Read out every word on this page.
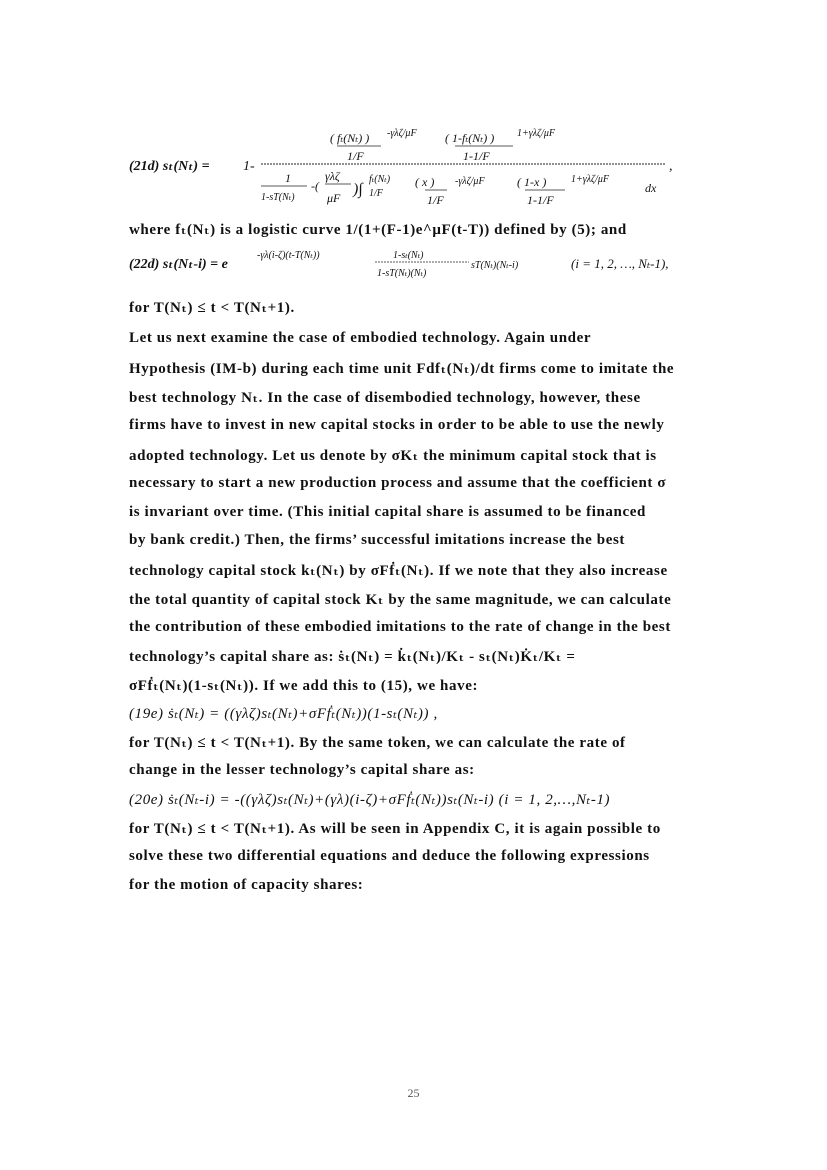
(21d) sₜ(Nₜ) = 1-
( fₜ(Nₜ) )
1/F
-γλζ/μF ( 1-fₜ(Nₜ) )
1-1/F
1+γλζ/μF
1
1-sT(Nₜ)
-(
γλζ
μF )∫
fₜ(Nₜ)
1/F
( x )
1/F
-γλζ/μF	( 1-x )
1-1/F
1+γλζ/μF
dx
,
where fₜ(Nₜ) is a logistic curve 1/(1+(F-1)e^μF(t-T)) defined by (5); and
(22d) sₜ(Nₜ-i) = e
-γλ(i-ζ)(t-T(Nₜ))	1-sₜ(Nₜ)
1-sT(Nₜ)(Nₜ)
sT(Nₜ)(Nₜ-i)	(i = 1, 2, …, Nₜ-1),
for T(Nₜ) ≤ t < T(Nₜ+1).
Let us next examine the case of embodied technology. Again under
Hypothesis (IM-b) during each time unit Fdfₜ(Nₜ)/dt firms come to imitate the
best technology Nₜ. In the case of disembodied technology, however, these
firms have to invest in new capital stocks in order to be able to use the newly
adopted technology. Let us denote by σKₜ the minimum capital stock that is
necessary to start a new production process and assume that the coefficient σ
is invariant over time. (This initial capital share is assumed to be financed
by bank credit.) Then, the firms’ successful imitations increase the best
technology capital stock kₜ(Nₜ) by σFḟₜ(Nₜ). If we note that they also increase
the total quantity of capital stock Kₜ by the same magnitude, we can calculate
the contribution of these embodied imitations to the rate of change in the best
technology’s capital share as: ṡₜ(Nₜ) = k̇ₜ(Nₜ)/Kₜ - sₜ(Nₜ)K̇ₜ/Kₜ =
σFḟₜ(Nₜ)(1-sₜ(Nₜ)). If we add this to (15), we have:
(19e) ṡₜ(Nₜ) = ((γλζ)sₜ(Nₜ)+σFḟₜ(Nₜ))(1-sₜ(Nₜ)) ,
for T(Nₜ) ≤ t < T(Nₜ+1). By the same token, we can calculate the rate of
change in the lesser technology’s capital share as:
(20e) ṡₜ(Nₜ-i) = -((γλζ)sₜ(Nₜ)+(γλ)(i-ζ)+σFḟₜ(Nₜ))sₜ(Nₜ-i) (i = 1, 2,…,Nₜ-1)
for T(Nₜ) ≤ t < T(Nₜ+1). As will be seen in Appendix C, it is again possible to
solve these two differential equations and deduce the following expressions
for the motion of capacity shares:
25
